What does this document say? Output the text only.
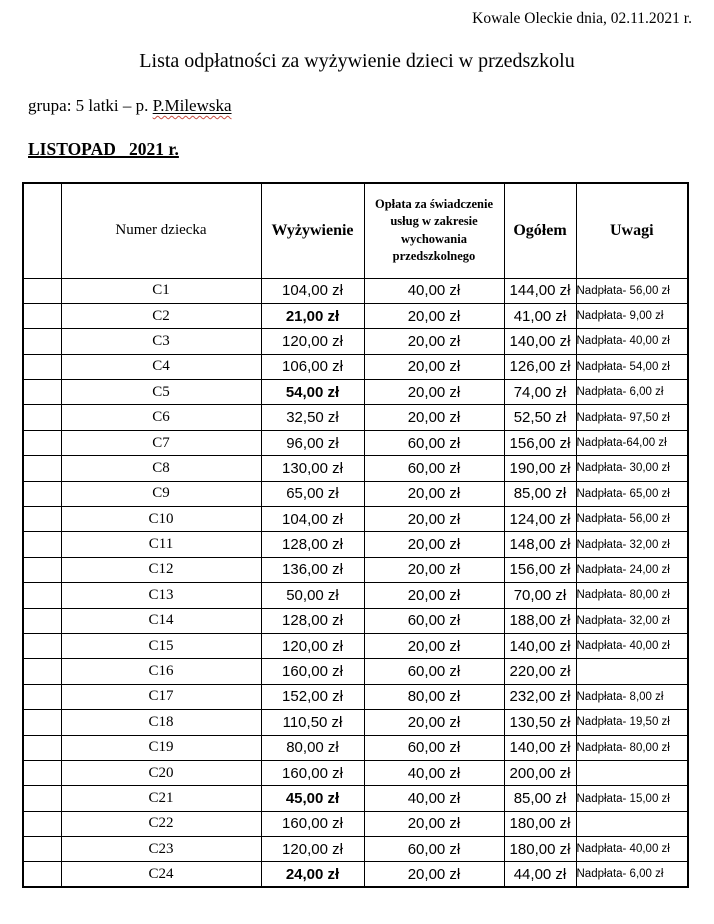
Kowale Oleckie dnia, 02.11.2021 r.
Lista odpłatności za wyżywienie dzieci w przedszkolu
grupa: 5 latki – p. P.Milewska
LISTOPAD   2021 r.
	Numer dziecka	Wyżywienie	Opłata za świadczenie usług w zakresie wychowania przedszkolnego	Ogółem	Uwagi
	C1	104,00 zł	40,00 zł	144,00 zł	Nadpłata- 56,00 zł
	C2	21,00 zł	20,00 zł	41,00 zł	Nadpłata- 9,00 zł
	C3	120,00 zł	20,00 zł	140,00 zł	Nadpłata- 40,00 zł
	C4	106,00 zł	20,00 zł	126,00 zł	Nadpłata- 54,00 zł
	C5	54,00 zł	20,00 zł	74,00 zł	Nadpłata- 6,00 zł
	C6	32,50 zł	20,00 zł	52,50 zł	Nadpłata- 97,50 zł
	C7	96,00 zł	60,00 zł	156,00 zł	Nadpłata-64,00 zł
	C8	130,00 zł	60,00 zł	190,00 zł	Nadpłata- 30,00 zł
	C9	65,00 zł	20,00 zł	85,00 zł	Nadpłata- 65,00 zł
	C10	104,00 zł	20,00 zł	124,00 zł	Nadpłata- 56,00 zł
	C11	128,00 zł	20,00 zł	148,00 zł	Nadpłata- 32,00 zł
	C12	136,00 zł	20,00 zł	156,00 zł	Nadpłata- 24,00 zł
	C13	50,00 zł	20,00 zł	70,00 zł	Nadpłata- 80,00 zł
	C14	128,00 zł	60,00 zł	188,00 zł	Nadpłata- 32,00 zł
	C15	120,00 zł	20,00 zł	140,00 zł	Nadpłata- 40,00 zł
	C16	160,00 zł	60,00 zł	220,00 zł	
	C17	152,00 zł	80,00 zł	232,00 zł	Nadpłata- 8,00 zł
	C18	110,50 zł	20,00 zł	130,50 zł	Nadpłata- 19,50 zł
	C19	80,00 zł	60,00 zł	140,00 zł	Nadpłata- 80,00 zł
	C20	160,00 zł	40,00 zł	200,00 zł	
	C21	45,00 zł	40,00 zł	85,00 zł	Nadpłata- 15,00 zł
	C22	160,00 zł	20,00 zł	180,00 zł	
	C23	120,00 zł	60,00 zł	180,00 zł	Nadpłata- 40,00 zł
	C24	24,00 zł	20,00 zł	44,00 zł	Nadpłata- 6,00 zł
